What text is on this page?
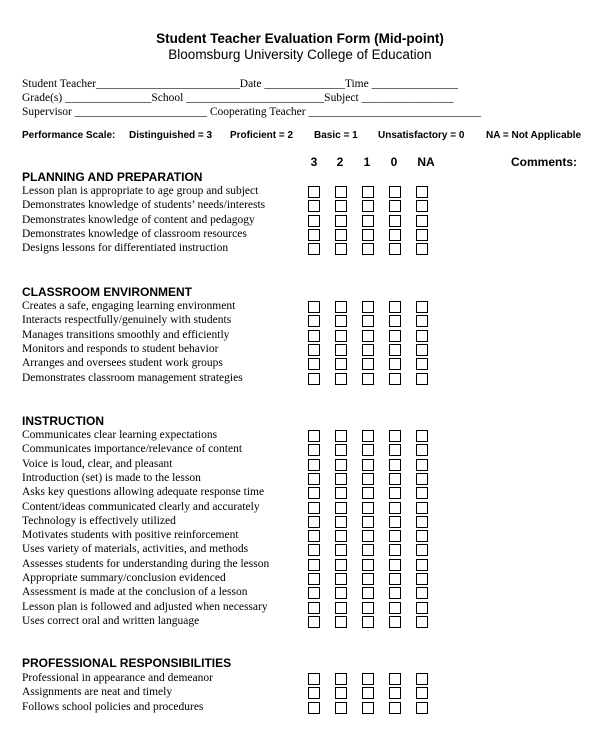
Student Teacher Evaluation Form (Mid-point)
Bloomsburg University College of Education
Student Teacher_________________________Date ______________Time _______________
Grade(s) _______________School ________________________Subject ________________
Supervisor _______________________ Cooperating Teacher ______________________________
Performance Scale: Distinguished = 3 Proficient = 2 Basic = 1 Unsatisfactory = 0 NA = Not Applicable
3	2	1	0	NA	Comments:
PLANNING AND PREPARATION
Lesson plan is appropriate to age group and subject
Demonstrates knowledge of students’ needs/interests
Demonstrates knowledge of content and pedagogy
Demonstrates knowledge of classroom resources
Designs lessons for differentiated instruction
CLASSROOM ENVIRONMENT
Creates a safe, engaging learning environment
Interacts respectfully/genuinely with students
Manages transitions smoothly and efficiently
Monitors and responds to student behavior
Arranges and oversees student work groups
Demonstrates classroom management strategies
INSTRUCTION
Communicates clear learning expectations
Communicates importance/relevance of content
Voice is loud, clear, and pleasant
Introduction (set) is made to the lesson
Asks key questions allowing adequate response time
Content/ideas communicated clearly and accurately
Technology is effectively utilized
Motivates students with positive reinforcement
Uses variety of materials, activities, and methods
Assesses students for understanding during the lesson
Appropriate summary/conclusion evidenced
Assessment is made at the conclusion of a lesson
Lesson plan is followed and adjusted when necessary
Uses correct oral and written language
PROFESSIONAL RESPONSIBILITIES
Professional in appearance and demeanor
Assignments are neat and timely
Follows school policies and procedures
